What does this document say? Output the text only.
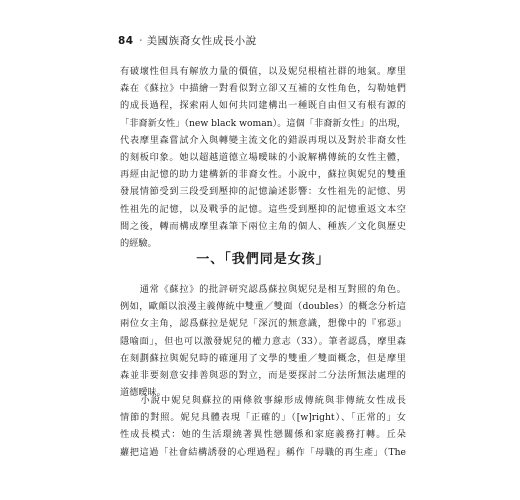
84 ‧美國族裔女性成長小說
有破壞性但具有解放力量的價值，以及妮兒根植社群的地氣。摩里
森在《蘇拉》中描繪一對看似對立卻又互補的女性角色，勾勒她們
的成長過程，探索兩人如何共同建構出一種既自由但又有根有源的
「非裔新女性」（new black woman）。這個「非裔新女性」的出現，
代表摩里森嘗試介入與轉變主流文化的錯誤再現以及對於非裔女性
的刻板印象。她以超越道德立場曖昧的小說解構傳統的女性主體，
再經由記憶的助力建構新的非裔女性。小說中，蘇拉與妮兒的雙重
發展情節受到三段受到壓抑的記憶論述影響：女性祖先的記憶、男
性祖先的記憶，以及戰爭的記憶。這些受到壓抑的記憶重返文本空
間之後，轉而構成摩里森筆下兩位主角的個人、種族／文化與歷史
的經驗。
一、「我們同是女孩」
　　通常《蘇拉》的批評研究認爲蘇拉與妮兒是相互對照的角色。
例如，歐顛以浪漫主義傳統中雙重／雙面（doubles）的概念分析這
兩位女主角，認爲蘇拉是妮兒「深沉的無意識，想像中的『邪惡』
隱喻面」，但也可以激發妮兒的權力意志（33）。筆者認爲，摩里森
在刻劃蘇拉與妮兒時的確運用了文學的雙重／雙面概念，但是摩里
森並非要刻意安排善與惡的對立，而是要探討二分法所無法處理的
道德曖昧。
　　小說中妮兒與蘇拉的兩條敘事線形成傳統與非傳統女性成長
情節的對照。妮兒具體表現「正確的」（[w]right）、「正常的」女
性成長模式：她的生活環繞著異性戀關係和家庭義務打轉。丘朵
蘿把這過「社會結構誘發的心理過程」稱作「母職的再生產」（The
